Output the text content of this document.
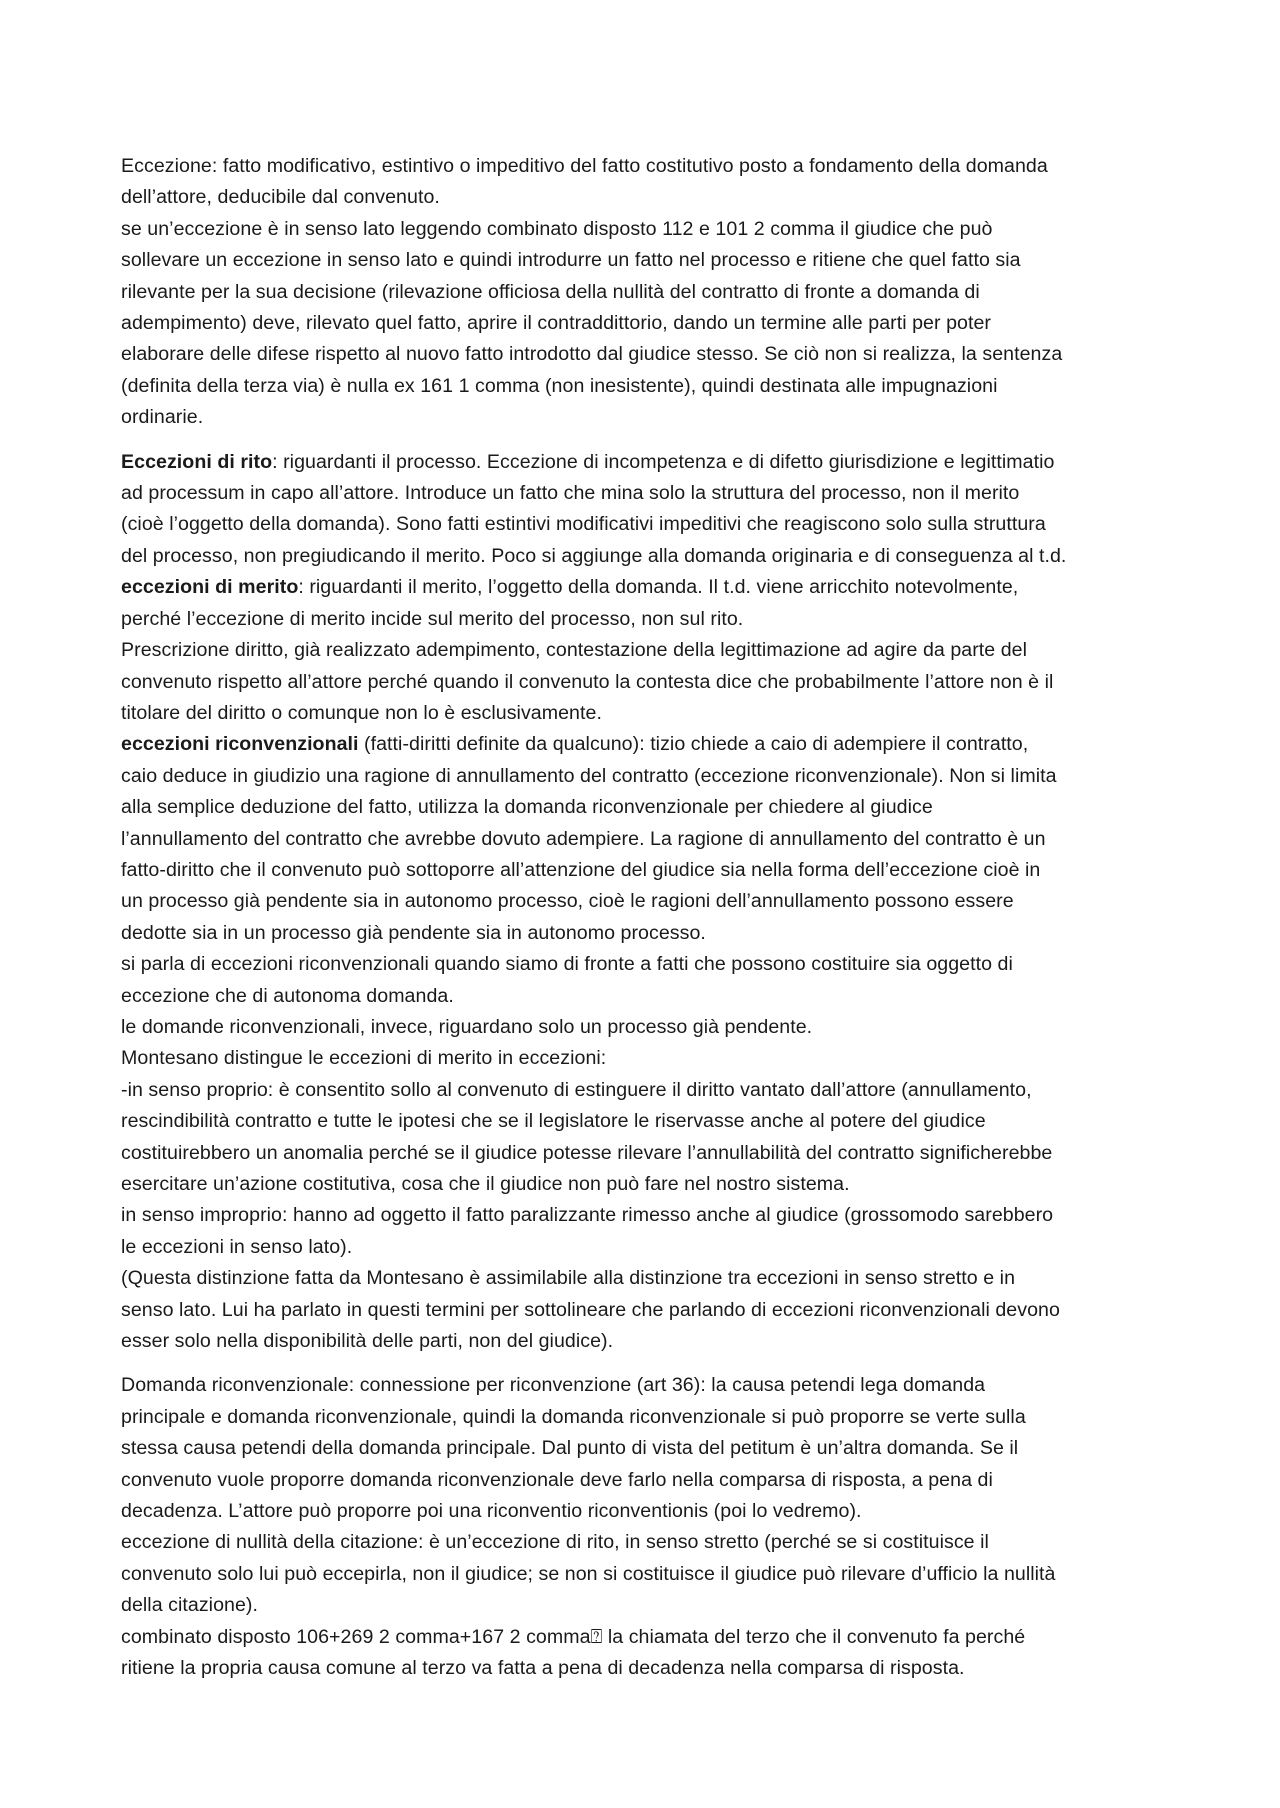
Eccezione: fatto modificativo, estintivo o impeditivo del fatto costitutivo posto a fondamento della domanda
dell’attore, deducibile dal convenuto.
se un’eccezione è in senso lato leggendo combinato disposto 112 e 101 2 comma il giudice che può
sollevare un eccezione in senso lato e quindi introdurre un fatto nel processo e ritiene che quel fatto sia
rilevante per la sua decisione (rilevazione officiosa della nullità del contratto di fronte a domanda di
adempimento) deve, rilevato quel fatto, aprire il contraddittorio, dando un termine alle parti per poter
elaborare delle difese rispetto al nuovo fatto introdotto dal giudice stesso. Se ciò non si realizza, la sentenza
(definita della terza via) è nulla ex 161 1 comma (non inesistente), quindi destinata alle impugnazioni
ordinarie.
Eccezioni di rito: riguardanti il processo. Eccezione di incompetenza e di difetto giurisdizione e legittimatio
ad processum in capo all’attore. Introduce un fatto che mina solo la struttura del processo, non il merito
(cioè l’oggetto della domanda). Sono fatti estintivi modificativi impeditivi che reagiscono solo sulla struttura
del processo, non pregiudicando il merito. Poco si aggiunge alla domanda originaria e di conseguenza al t.d.
eccezioni di merito: riguardanti il merito, l’oggetto della domanda. Il t.d. viene arricchito notevolmente,
perché l’eccezione di merito incide sul merito del processo, non sul rito.
Prescrizione diritto, già realizzato adempimento, contestazione della legittimazione ad agire da parte del
convenuto rispetto all’attore perché quando il convenuto la contesta dice che probabilmente l’attore non è il
titolare del diritto o comunque non lo è esclusivamente.
eccezioni riconvenzionali (fatti-diritti definite da qualcuno): tizio chiede a caio di adempiere il contratto,
caio deduce in giudizio una ragione di annullamento del contratto (eccezione riconvenzionale). Non si limita
alla semplice deduzione del fatto, utilizza la domanda riconvenzionale per chiedere al giudice
l’annullamento del contratto che avrebbe dovuto adempiere. La ragione di annullamento del contratto è un
fatto-diritto che il convenuto può sottoporre all’attenzione del giudice sia nella forma dell’eccezione cioè in
un processo già pendente sia in autonomo processo, cioè le ragioni dell’annullamento possono essere
dedotte sia in un processo già pendente sia in autonomo processo.
si parla di eccezioni riconvenzionali quando siamo di fronte a fatti che possono costituire sia oggetto di
eccezione che di autonoma domanda.
le domande riconvenzionali, invece, riguardano solo un processo già pendente.
Montesano distingue le eccezioni di merito in eccezioni:
-in senso proprio: è consentito sollo al convenuto di estinguere il diritto vantato dall’attore (annullamento,
rescindibilità contratto e tutte le ipotesi che se il legislatore le riservasse anche al potere del giudice
costituirebbero un anomalia perché se il giudice potesse rilevare l’annullabilità del contratto significherebbe
esercitare un’azione costitutiva, cosa che il giudice non può fare nel nostro sistema.
in senso improprio: hanno ad oggetto il fatto paralizzante rimesso anche al giudice (grossomodo sarebbero
le eccezioni in senso lato).
(Questa distinzione fatta da Montesano è assimilabile alla distinzione tra eccezioni in senso stretto e in
senso lato. Lui ha parlato in questi termini per sottolineare che parlando di eccezioni riconvenzionali devono
esser solo nella disponibilità delle parti, non del giudice).
Domanda riconvenzionale: connessione per riconvenzione (art 36): la causa petendi lega domanda
principale e domanda riconvenzionale, quindi la domanda riconvenzionale si può proporre se verte sulla
stessa causa petendi della domanda principale. Dal punto di vista del petitum è un’altra domanda. Se il
convenuto vuole proporre domanda riconvenzionale deve farlo nella comparsa di risposta, a pena di
decadenza. L’attore può proporre poi una riconventio riconventionis (poi lo vedremo).
eccezione di nullità della citazione: è un’eccezione di rito, in senso stretto (perché se si costituisce il
convenuto solo lui può eccepirla, non il giudice; se non si costituisce il giudice può rilevare d’ufficio la nullità
della citazione).
combinato disposto 106+269 2 comma+167 2 comma⍰ la chiamata del terzo che il convenuto fa perché
ritiene la propria causa comune al terzo va fatta a pena di decadenza nella comparsa di risposta.
